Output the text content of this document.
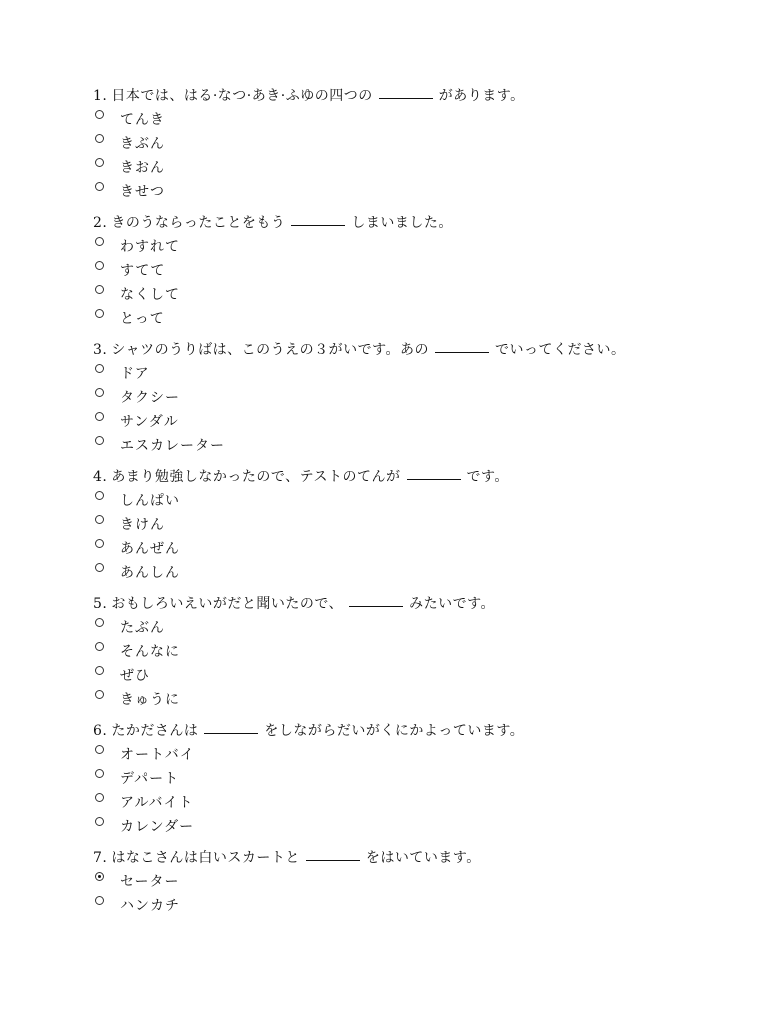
1. 日本では、はる·なつ·あき·ふゆの四つの	があります。
てんき
きぶん
きおん
きせつ
2. きのうならったことをもう	しまいました。
わすれて
すてて
なくして
とって
3. シャツのうりばは、このうえの３がいです。あの	でいってください。
ドア
タクシー
サンダル
エスカレーター
4. あまり勉強しなかったので、テストのてんが	です。
しんぱい
きけん
あんぜん
あんしん
5. おもしろいえいがだと聞いたので、	みたいです。
たぶん
そんなに
ぜひ
きゅうに
6. たかださんは	をしながらだいがくにかよっています。
オートバイ
デパート
アルバイト
カレンダー
7. はなこさんは白いスカートと	をはいています。
セーター
ハンカチ
